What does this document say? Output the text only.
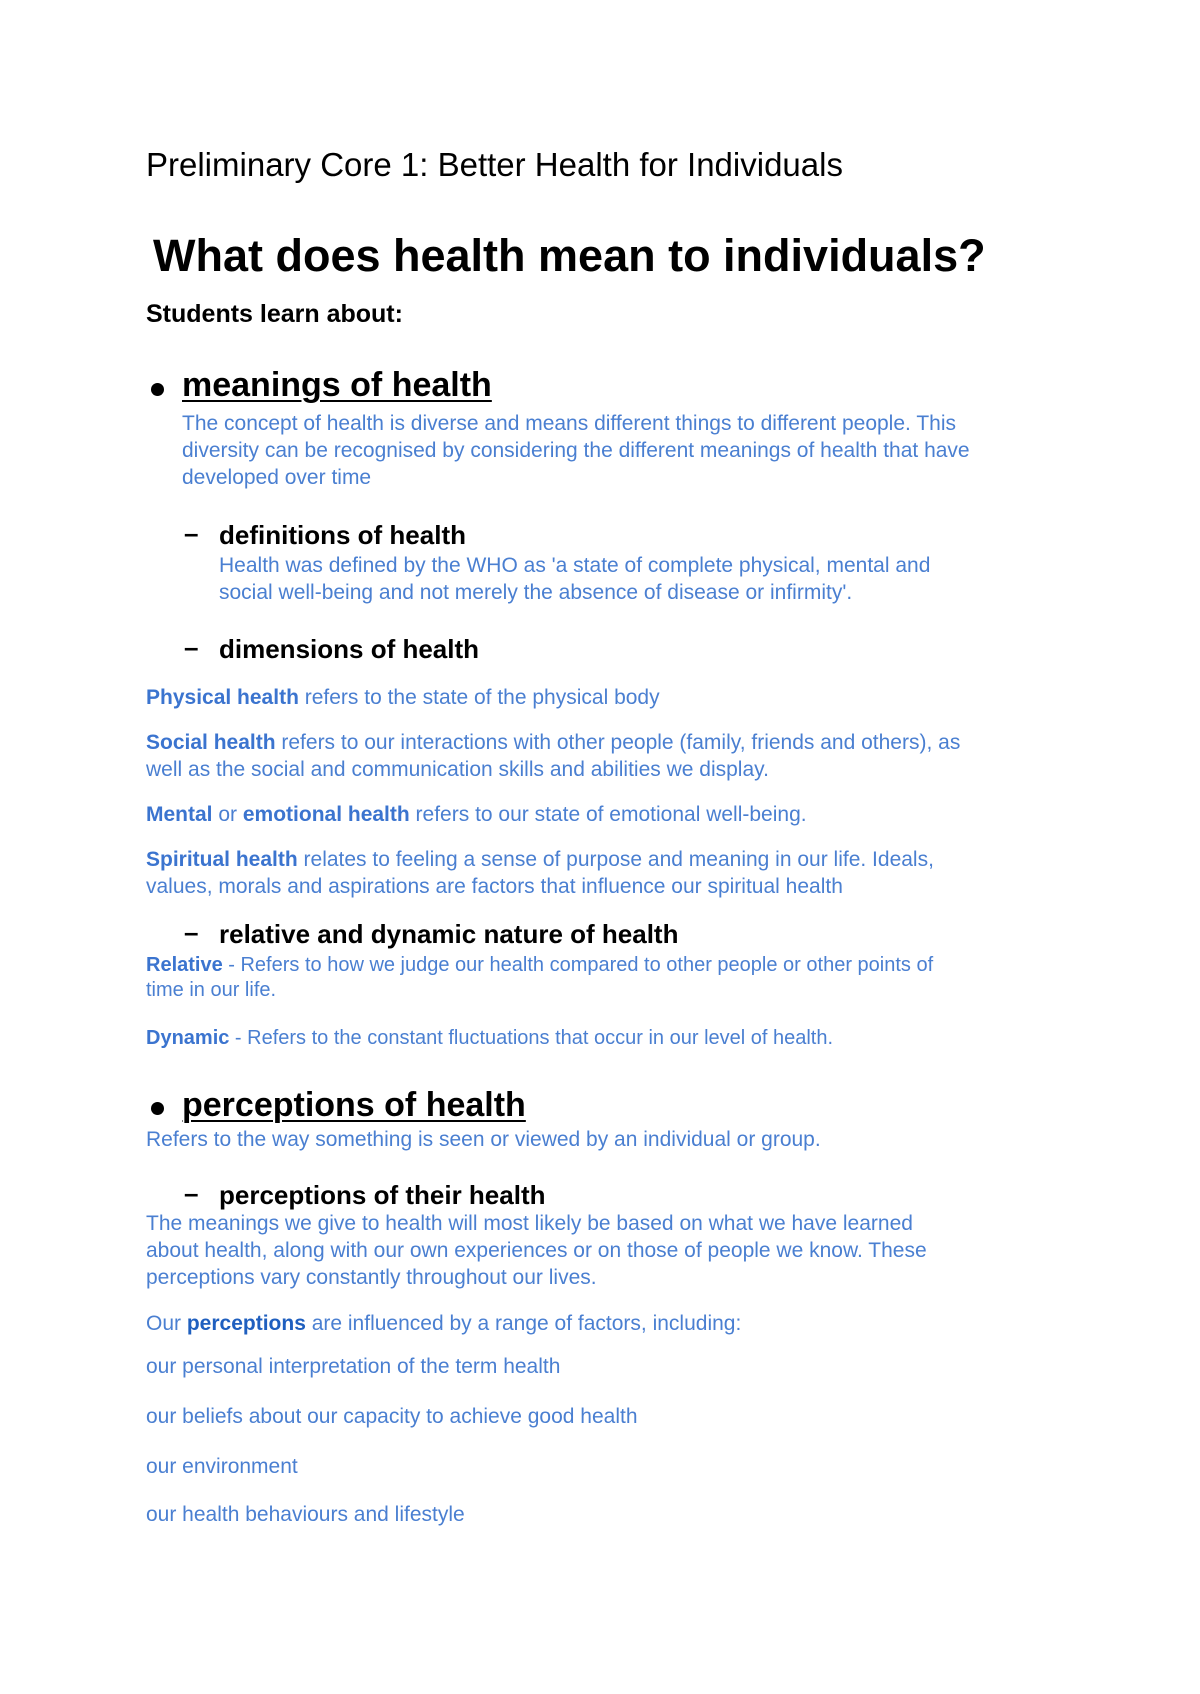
Preliminary Core 1: Better Health for Individuals
What does health mean to individuals?
Students learn about:
meanings of health
The concept of health is diverse and means different things to different people. This
diversity can be recognised by considering the different meanings of health that have
developed over time
– definitions of health
Health was defined by the WHO as 'a state of complete physical, mental and
social well-being and not merely the absence of disease or infirmity'.
– dimensions of health
Physical health refers to the state of the physical body
Social health refers to our interactions with other people (family, friends and others), as
well as the social and communication skills and abilities we display.
Mental or emotional health refers to our state of emotional well-being.
Spiritual health relates to feeling a sense of purpose and meaning in our life. Ideals,
values, morals and aspirations are factors that influence our spiritual health
– relative and dynamic nature of health
Relative - Refers to how we judge our health compared to other people or other points of
time in our life.
Dynamic - Refers to the constant fluctuations that occur in our level of health.
perceptions of health
Refers to the way something is seen or viewed by an individual or group.
– perceptions of their health
The meanings we give to health will most likely be based on what we have learned
about health, along with our own experiences or on those of people we know. These
perceptions vary constantly throughout our lives.
Our perceptions are influenced by a range of factors, including:
our personal interpretation of the term health
our beliefs about our capacity to achieve good health
our environment
our health behaviours and lifestyle
